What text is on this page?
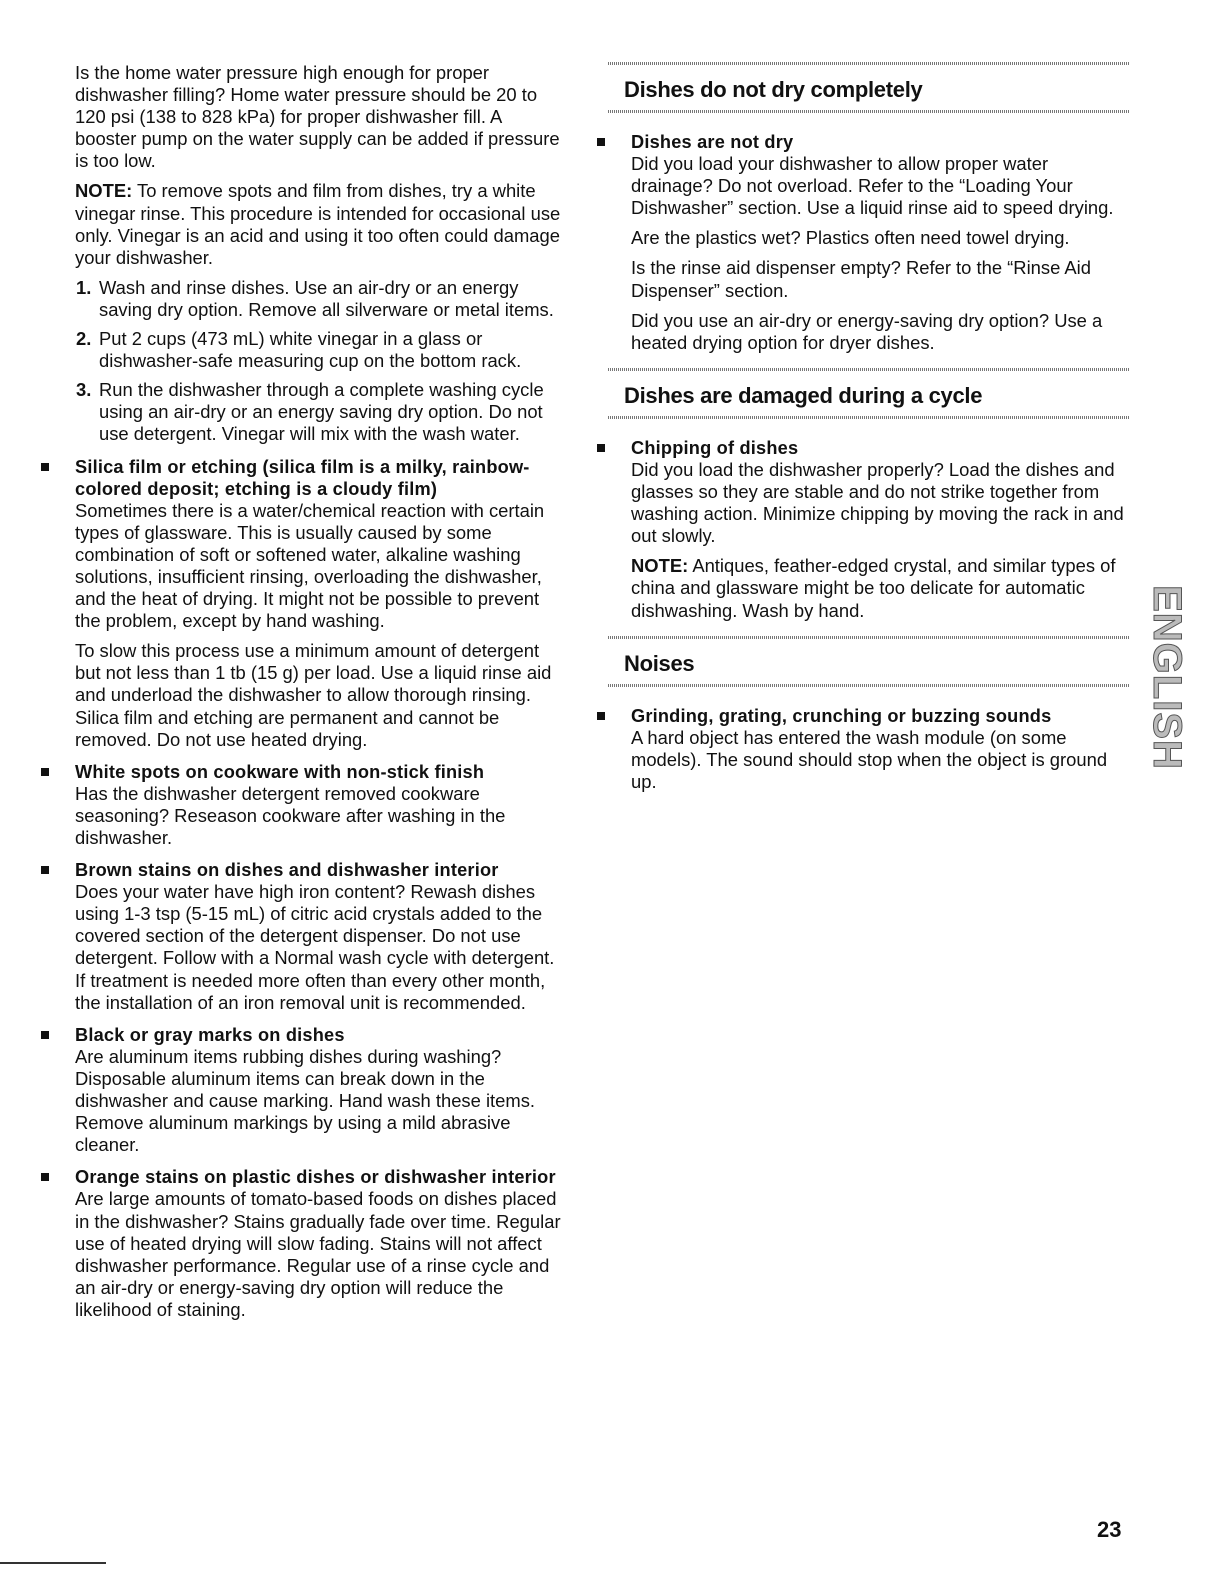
Is the home water pressure high enough for proper dishwasher filling? Home water pressure should be 20 to 120 psi (138 to 828 kPa) for proper dishwasher fill. A booster pump on the water supply can be added if pressure is too low.

NOTE: To remove spots and film from dishes, try a white vinegar rinse. This procedure is intended for occasional use only. Vinegar is an acid and using it too often could damage your dishwasher.

1. Wash and rinse dishes. Use an air-dry or an energy saving dry option. Remove all silverware or metal items.

2. Put 2 cups (473 mL) white vinegar in a glass or dishwasher-safe measuring cup on the bottom rack.

3. Run the dishwasher through a complete washing cycle using an air-dry or an energy saving dry option. Do not use detergent. Vinegar will mix with the wash water.

Silica film or etching (silica film is a milky, rainbow-colored deposit; etching is a cloudy film)

Sometimes there is a water/chemical reaction with certain types of glassware. This is usually caused by some combination of soft or softened water, alkaline washing solutions, insufficient rinsing, overloading the dishwasher, and the heat of drying. It might not be possible to prevent the problem, except by hand washing.

To slow this process use a minimum amount of detergent but not less than 1 tb (15 g) per load. Use a liquid rinse aid and underload the dishwasher to allow thorough rinsing. Silica film and etching are permanent and cannot be removed. Do not use heated drying.

White spots on cookware with non-stick finish

Has the dishwasher detergent removed cookware seasoning? Reseason cookware after washing in the dishwasher.

Brown stains on dishes and dishwasher interior

Does your water have high iron content? Rewash dishes using 1-3 tsp (5-15 mL) of citric acid crystals added to the covered section of the detergent dispenser. Do not use detergent. Follow with a Normal wash cycle with detergent. If treatment is needed more often than every other month, the installation of an iron removal unit is recommended.

Black or gray marks on dishes

Are aluminum items rubbing dishes during washing? Disposable aluminum items can break down in the dishwasher and cause marking. Hand wash these items. Remove aluminum markings by using a mild abrasive cleaner.

Orange stains on plastic dishes or dishwasher interior

Are large amounts of tomato-based foods on dishes placed in the dishwasher? Stains gradually fade over time. Regular use of heated drying will slow fading. Stains will not affect dishwasher performance. Regular use of a rinse cycle and an air-dry or energy-saving dry option will reduce the likelihood of staining.

Dishes do not dry completely

Dishes are not dry

Did you load your dishwasher to allow proper water drainage? Do not overload. Refer to the “Loading Your Dishwasher” section. Use a liquid rinse aid to speed drying.

Are the plastics wet? Plastics often need towel drying.

Is the rinse aid dispenser empty? Refer to the “Rinse Aid Dispenser” section.

Did you use an air-dry or energy-saving dry option? Use a heated drying option for dryer dishes.

Dishes are damaged during a cycle

Chipping of dishes

Did you load the dishwasher properly? Load the dishes and glasses so they are stable and do not strike together from washing action. Minimize chipping by moving the rack in and out slowly.

NOTE: Antiques, feather-edged crystal, and similar types of china and glassware might be too delicate for automatic dishwashing. Wash by hand.

Noises

Grinding, grating, crunching or buzzing sounds

A hard object has entered the wash module (on some models). The sound should stop when the object is ground up.

ENGLISH
23
